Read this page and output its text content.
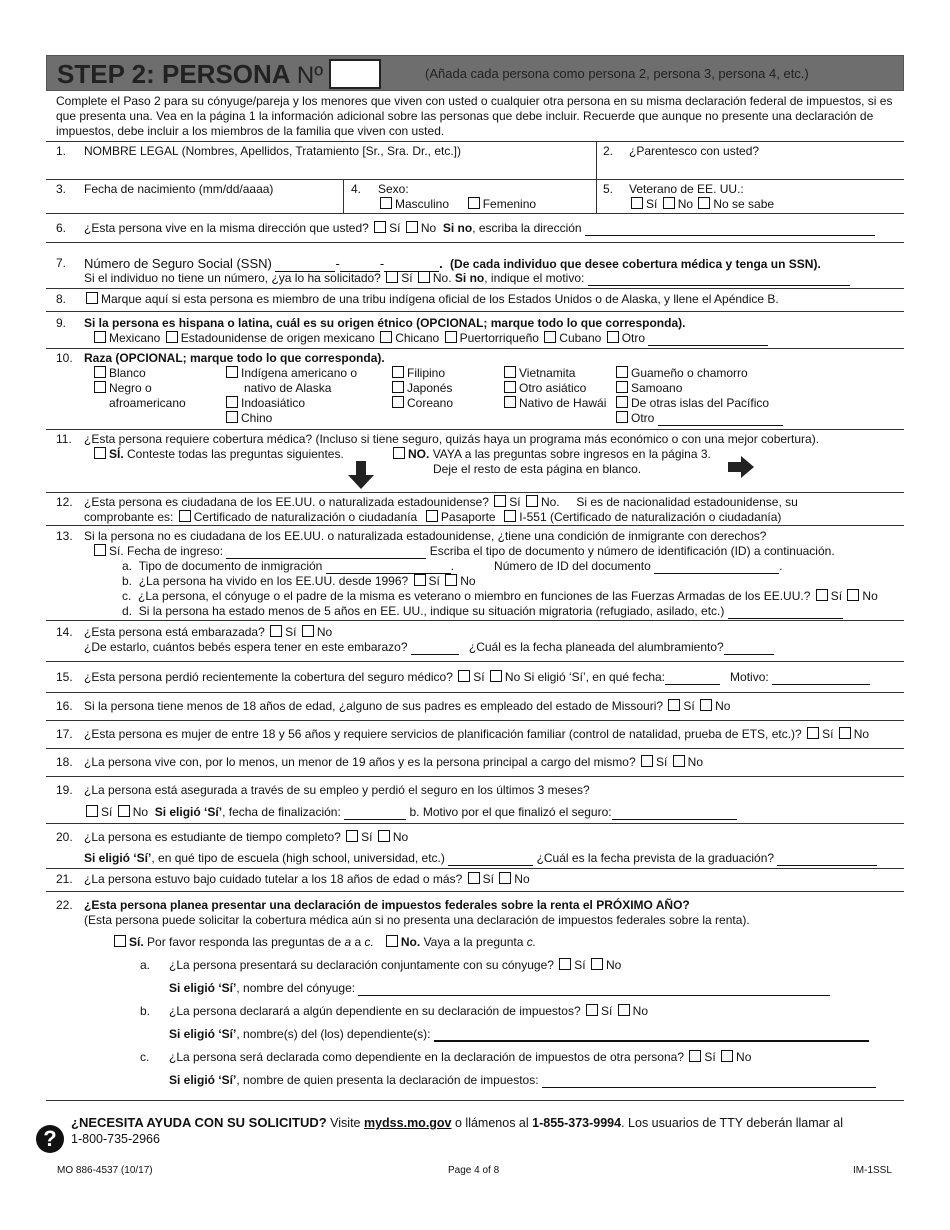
STEP 2: PERSONA Nº	(Añada cada persona como persona 2, persona 3, persona 4, etc.)
Complete el Paso 2 para su cónyuge/pareja y los menores que viven con usted o cualquier otra persona en su misma declaración federal de impuestos, si es que presenta una. Vea en la página 1 la información adicional sobre las personas que debe incluir. Recuerde que aunque no presente una declaración de impuestos, debe incluir a los miembros de la familia que viven con usted.
1. NOMBRE LEGAL (Nombres, Apellidos, Tratamiento [Sr., Sra. Dr., etc.])	2. ¿Parentesco con usted?
3. Fecha de nacimiento (mm/dd/aaaa)	4. Sexo:
Masculino	Femenino
5. Veterano de EE. UU.:
Sí No No se sabe
6. ¿Esta persona vive en la misma dirección que usted? Sí No Si no, escriba la dirección
7. Número de Seguro Social (SSN)	-	-	. (De cada individuo que desee cobertura médica y tenga un SSN).
Si el individuo no tiene un número, ¿ya lo ha solicitado? Sí No. Si no, indique el motivo:
8.	Marque aquí si esta persona es miembro de una tribu indígena oficial de los Estados Unidos o de Alaska, y llene el Apéndice B.
9. Si la persona es hispana o latina, cuál es su origen étnico (OPCIONAL; marque todo lo que corresponda).
Mexicano Estadounidense de origen mexicano Chicano Puertorriqueño Cubano Otro
10. Raza (OPCIONAL; marque todo lo que corresponda).
Blanco
Negro o
afroamericano
Indígena americano o
nativo de Alaska
Indoasiático
Chino
Filipino
Japonés
Coreano
Vietnamita
Otro asiático
Nativo de Hawái
Guameño o chamorro
Samoano
De otras islas del Pacífico
Otro
11. ¿Esta persona requiere cobertura médica? (Incluso si tiene seguro, quizás haya un programa más económico o con una mejor cobertura).
SÍ. Conteste todas las preguntas siguientes.	NO. VAYA a las preguntas sobre ingresos en la página 3.
Deje el resto de esta página en blanco.
12. ¿Esta persona es ciudadana de los EE.UU. o naturalizada estadounidense? Sí No. Si es de nacionalidad estadounidense, su
comprobante es: Certificado de naturalización o ciudadanía Pasaporte I-551 (Certificado de naturalización o ciudadanía)
13. Si la persona no es ciudadana de los EE.UU. o naturalizada estadounidense, ¿tiene una condición de inmigrante con derechos?
Sí. Fecha de ingreso:	Escriba el tipo de documento y número de identificación (ID) a continuación.
a. Tipo de documento de inmigración	.            Número de ID del documento	.
b. ¿La persona ha vivido en los EE.UU. desde 1996? Sí No
c. ¿La persona, el cónyuge o el padre de la misma es veterano o miembro en funciones de las Fuerzas Armadas de los EE.UU.? Sí No
d. Si la persona ha estado menos de 5 años en EE. UU., indique su situación migratoria (refugiado, asilado, etc.)
14. ¿Esta persona está embarazada? Sí No
¿De estarlo, cuántos bebés espera tener en este embarazo?	¿Cuál es la fecha planeada del alumbramiento?
15. ¿Esta persona perdió recientemente la cobertura del seguro médico? Sí No Si eligió ‘Sí’, en qué fecha:	Motivo:
16. Si la persona tiene menos de 18 años de edad, ¿alguno de sus padres es empleado del estado de Missouri? Sí No
17. ¿Esta persona es mujer de entre 18 y 56 años y requiere servicios de planificación familiar (control de natalidad, prueba de ETS, etc.)? Sí No
18. ¿La persona vive con, por lo menos, un menor de 19 años y es la persona principal a cargo del mismo? Sí No
19. ¿La persona está asegurada a través de su empleo y perdió el seguro en los últimos 3 meses?
Sí No Si eligió ‘Sí’, fecha de finalización:	b. Motivo por el que finalizó el seguro:
20. ¿La persona es estudiante de tiempo completo? Sí No
Si eligió ‘Sí’, en qué tipo de escuela (high school, universidad, etc.)	¿Cuál es la fecha prevista de la graduación?
21. ¿La persona estuvo bajo cuidado tutelar a los 18 años de edad o más? Sí No
22. ¿Esta persona planea presentar una declaración de impuestos federales sobre la renta el PRÓXIMO AÑO?
(Esta persona puede solicitar la cobertura médica aún si no presenta una declaración de impuestos federales sobre la renta).
Sí. Por favor responda las preguntas de a a c. No. Vaya a la pregunta c.
a. ¿La persona presentará su declaración conjuntamente con su cónyuge? Sí No
Si eligió ‘Sí’, nombre del cónyuge:
b. ¿La persona declarará a algún dependiente en su declaración de impuestos? Sí No
Si eligió ‘Sí’, nombre(s) del (los) dependiente(s):
c. ¿La persona será declarada como dependiente en la declaración de impuestos de otra persona? Sí No
Si eligió ‘Sí’, nombre de quien presenta la declaración de impuestos:
?
¿NECESITA AYUDA CON SU SOLICITUD? Visite mydss.mo.gov o llámenos al 1-855-373-9994. Los usuarios de TTY deberán llamar al
1-800-735-2966
MO 886-4537 (10/17)	Page 4 of 8	IM-1SSL
